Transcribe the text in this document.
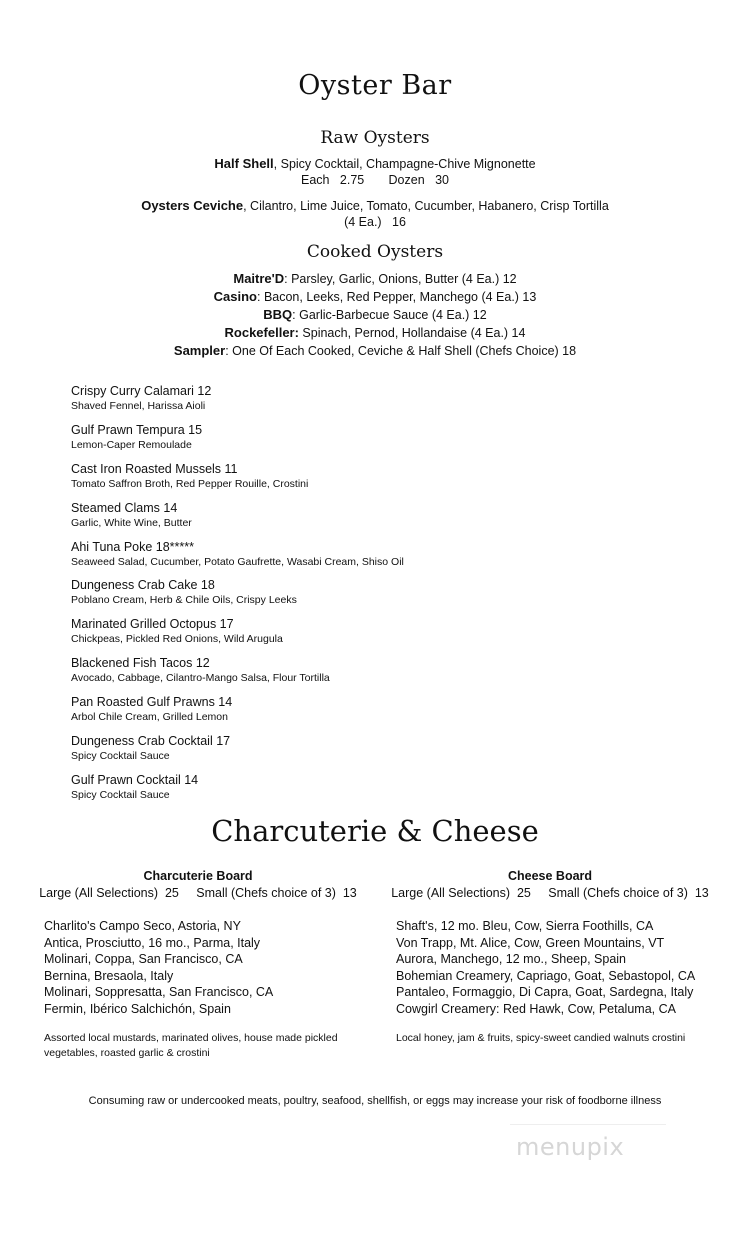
Oyster Bar
Raw Oysters
Half Shell, Spicy Cocktail, Champagne-Chive Mignonette
Each   2.75       Dozen   30
Oysters Ceviche, Cilantro, Lime Juice, Tomato, Cucumber, Habanero, Crisp Tortilla
(4 Ea.)   16
Cooked Oysters
Maitre'D: Parsley, Garlic, Onions, Butter (4 Ea.) 12
Casino: Bacon, Leeks, Red Pepper, Manchego (4 Ea.) 13
BBQ: Garlic-Barbecue Sauce (4 Ea.) 12
Rockefeller: Spinach, Pernod, Hollandaise (4 Ea.) 14
Sampler: One Of Each Cooked, Ceviche & Half Shell (Chefs Choice) 18
Crispy Curry Calamari 12
Shaved Fennel, Harissa Aioli
Gulf Prawn Tempura 15
Lemon-Caper Remoulade
Cast Iron Roasted Mussels 11
Tomato Saffron Broth, Red Pepper Rouille, Crostini
Steamed Clams 14
Garlic, White Wine, Butter
Ahi Tuna Poke 18*****
Seaweed Salad, Cucumber, Potato Gaufrette, Wasabi Cream, Shiso Oil
Dungeness Crab Cake 18
Poblano Cream, Herb & Chile Oils, Crispy Leeks
Marinated Grilled Octopus 17
Chickpeas, Pickled Red Onions, Wild Arugula
Blackened Fish Tacos 12
Avocado, Cabbage, Cilantro-Mango Salsa, Flour Tortilla
Pan Roasted Gulf Prawns 14
Arbol Chile Cream, Grilled Lemon
Dungeness Crab Cocktail 17
Spicy Cocktail Sauce
Gulf Prawn Cocktail 14
Spicy Cocktail Sauce
Charcuterie & Cheese
Charcuterie Board
Large (All Selections)  25     Small (Chefs choice of 3)  13
Charlito's Campo Seco, Astoria, NY
Antica, Prosciutto, 16 mo., Parma, Italy
Molinari, Coppa, San Francisco, CA
Bernina, Bresaola, Italy
Molinari, Soppresatta, San Francisco, CA
Fermin, Ibérico Salchichón, Spain
Assorted local mustards, marinated olives, house made pickled vegetables, roasted garlic & crostini
Cheese Board
Large (All Selections)  25     Small (Chefs choice of 3)  13
Shaft's, 12 mo. Bleu, Cow, Sierra Foothills, CA
Von Trapp, Mt. Alice, Cow, Green Mountains, VT
Aurora, Manchego, 12 mo., Sheep, Spain
Bohemian Creamery, Capriago, Goat, Sebastopol, CA
Pantaleo, Formaggio, Di Capra, Goat, Sardegna, Italy
Cowgirl Creamery: Red Hawk, Cow, Petaluma, CA
Local honey, jam & fruits, spicy-sweet candied walnuts crostini
Consuming raw or undercooked meats, poultry, seafood, shellfish, or eggs may increase your risk of foodborne illness
menupix
